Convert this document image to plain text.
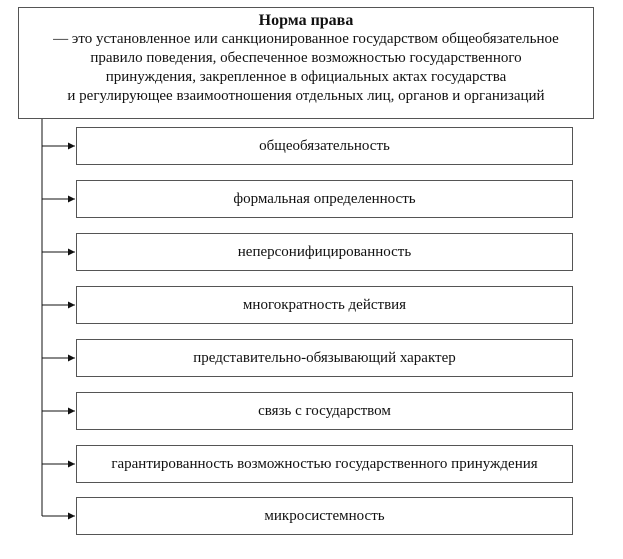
Норма права
— это установленное или санкционированное государством общеобязательное
правило поведения, обеспеченное возможностью государственного
принуждения, закрепленное в официальных актах государства
и регулирующее взаимоотношения отдельных лиц, органов и организаций
общеобязательность
формальная определенность
неперсонифицированность
многократность действия
представительно-обязывающий характер
связь с государством
гарантированность возможностью государственного принуждения
микросистемность
